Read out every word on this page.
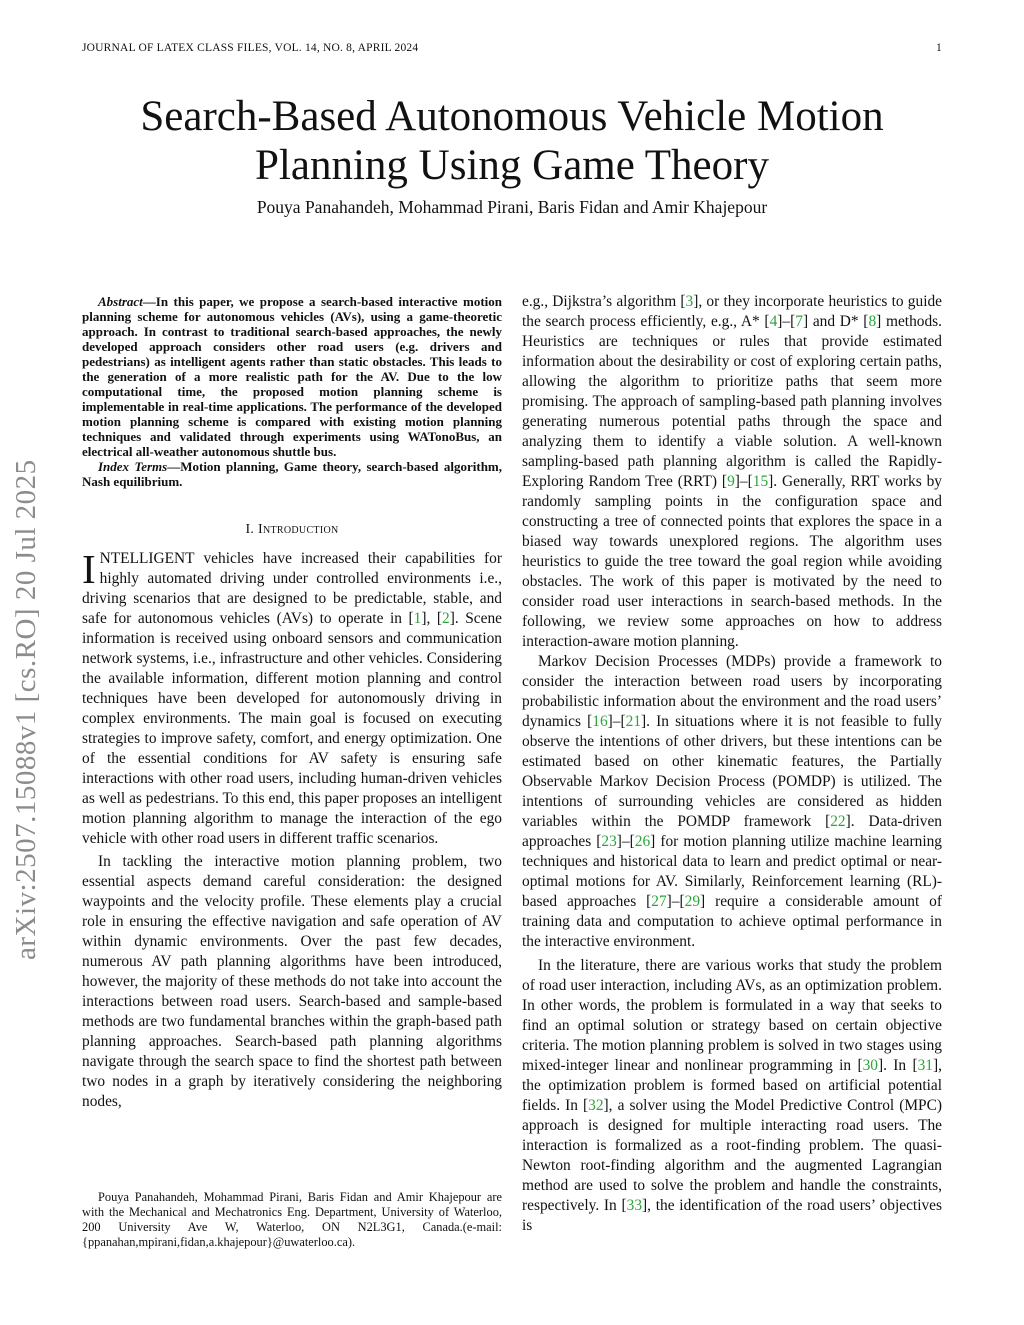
JOURNAL OF LATEX CLASS FILES, VOL. 14, NO. 8, APRIL 2024	1
Search-Based Autonomous Vehicle Motion Planning Using Game Theory
Pouya Panahandeh, Mohammad Pirani, Baris Fidan and Amir Khajepour
arXiv:2507.15088v1 [cs.RO] 20 Jul 2025

Abstract—In this paper, we propose a search-based interactive motion planning scheme for autonomous vehicles (AVs), using a game-theoretic approach. In contrast to traditional search-based approaches, the newly developed approach considers other road users (e.g. drivers and pedestrians) as intelligent agents rather than static obstacles. This leads to the generation of a more realistic path for the AV. Due to the low computational time, the proposed motion planning scheme is implementable in real-time applications. The performance of the developed motion planning scheme is compared with existing motion planning techniques and validated through experiments using WATonoBus, an electrical all-weather autonomous shuttle bus.

Index Terms—Motion planning, Game theory, search-based algorithm, Nash equilibrium.

I. Introduction

INTELLIGENT vehicles have increased their capabilities for highly automated driving under controlled environments i.e., driving scenarios that are designed to be predictable, stable, and safe for autonomous vehicles (AVs) to operate in [1], [2]. Scene information is received using onboard sensors and communication network systems, i.e., infrastructure and other vehicles. Considering the available information, different motion planning and control techniques have been developed for autonomously driving in complex environments. The main goal is focused on executing strategies to improve safety, comfort, and energy optimization. One of the essential conditions for AV safety is ensuring safe interactions with other road users, including human-driven vehicles as well as pedestrians. To this end, this paper proposes an intelligent motion planning algorithm to manage the interaction of the ego vehicle with other road users in different traffic scenarios.

In tackling the interactive motion planning problem, two essential aspects demand careful consideration: the designed waypoints and the velocity profile. These elements play a crucial role in ensuring the effective navigation and safe operation of AV within dynamic environments. Over the past few decades, numerous AV path planning algorithms have been introduced, however, the majority of these methods do not take into account the interactions between road users. Search-based and sample-based methods are two fundamental branches within the graph-based path planning approaches. Search-based path planning algorithms navigate through the search space to find the shortest path between two nodes in a graph by iteratively considering the neighboring nodes,

Pouya Panahandeh, Mohammad Pirani, Baris Fidan and Amir Khajepour are with the Mechanical and Mechatronics Eng. Department, University of Waterloo, 200 University Ave W, Waterloo, ON N2L3G1, Canada.(e-mail:{ppanahan,mpirani,fidan,a.khajepour}@uwaterloo.ca).

e.g., Dijkstra’s algorithm [3], or they incorporate heuristics to guide the search process efficiently, e.g., A* [4]–[7] and D* [8] methods. Heuristics are techniques or rules that provide estimated information about the desirability or cost of exploring certain paths, allowing the algorithm to prioritize paths that seem more promising. The approach of sampling-based path planning involves generating numerous potential paths through the space and analyzing them to identify a viable solution. A well-known sampling-based path planning algorithm is called the Rapidly-Exploring Random Tree (RRT) [9]–[15]. Generally, RRT works by randomly sampling points in the configuration space and constructing a tree of connected points that explores the space in a biased way towards unexplored regions. The algorithm uses heuristics to guide the tree toward the goal region while avoiding obstacles. The work of this paper is motivated by the need to consider road user interactions in search-based methods. In the following, we review some approaches on how to address interaction-aware motion planning.

Markov Decision Processes (MDPs) provide a framework to consider the interaction between road users by incorporating probabilistic information about the environment and the road users’ dynamics [16]–[21]. In situations where it is not feasible to fully observe the intentions of other drivers, but these intentions can be estimated based on other kinematic features, the Partially Observable Markov Decision Process (POMDP) is utilized. The intentions of surrounding vehicles are considered as hidden variables within the POMDP framework [22]. Data-driven approaches [23]–[26] for motion planning utilize machine learning techniques and historical data to learn and predict optimal or near-optimal motions for AV. Similarly, Reinforcement learning (RL)-based approaches [27]–[29] require a considerable amount of training data and computation to achieve optimal performance in the interactive environment.

In the literature, there are various works that study the problem of road user interaction, including AVs, as an optimization problem. In other words, the problem is formulated in a way that seeks to find an optimal solution or strategy based on certain objective criteria. The motion planning problem is solved in two stages using mixed-integer linear and nonlinear programming in [30]. In [31], the optimization problem is formed based on artificial potential fields. In [32], a solver using the Model Predictive Control (MPC) approach is designed for multiple interacting road users. The interaction is formalized as a root-finding problem. The quasi-Newton root-finding algorithm and the augmented Lagrangian method are used to solve the problem and handle the constraints, respectively. In [33], the identification of the road users’ objectives is
